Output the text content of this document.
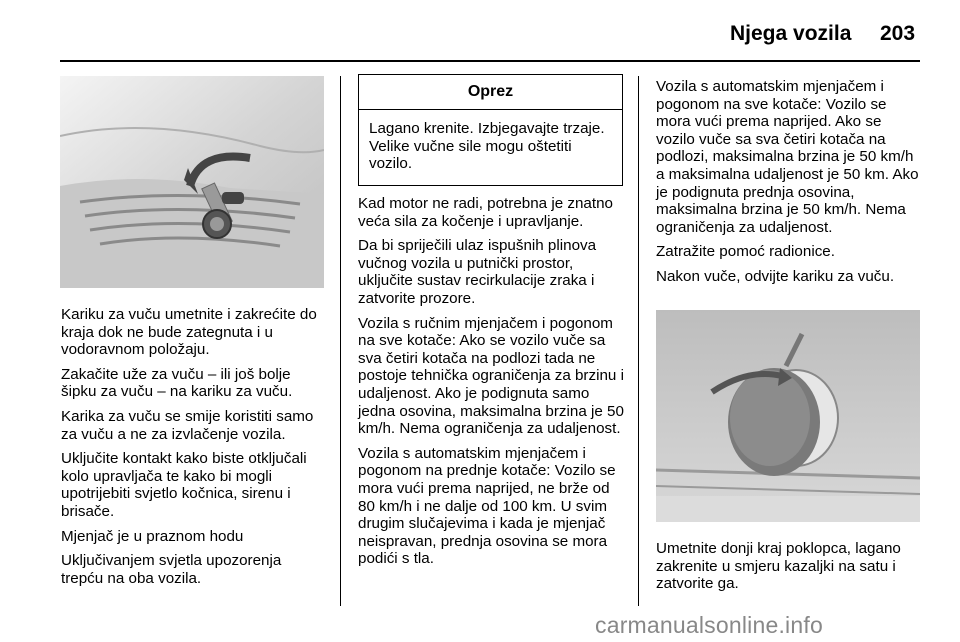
Njega vozila 203

Kariku za vuču umetnite i zakrećite do kraja dok ne bude zategnuta i u vodoravnom položaju.

Zakačite uže za vuču – ili još bolje šipku za vuču – na kariku za vuču.

Karika za vuču se smije koristiti samo za vuču a ne za izvlačenje vozila.

Uključite kontakt kako biste otključali kolo upravljača te kako bi mogli upotrijebiti svjetlo kočnica, sirenu i brisače.

Mjenjač je u praznom hodu

Uključivanjem svjetla upozorenja trepću na oba vozila.

Oprez
Lagano krenite. Izbjegavajte trzaje. Velike vučne sile mogu oštetiti vozilo.

Kad motor ne radi, potrebna je znatno veća sila za kočenje i upravljanje.

Da bi spriječili ulaz ispušnih plinova vučnog vozila u putnički prostor, uključite sustav recirkulacije zraka i zatvorite prozore.

Vozila s ručnim mjenjačem i pogonom na sve kotače: Ako se vozilo vuče sa sva četiri kotača na podlozi tada ne postoje tehnička ograničenja za brzinu i udaljenost. Ako je podignuta samo jedna osovina, maksimalna brzina je 50 km/h. Nema ograničenja za udaljenost.

Vozila s automatskim mjenjačem i pogonom na prednje kotače: Vozilo se mora vući prema naprijed, ne brže od 80 km/h i ne dalje od 100 km. U svim drugim slučajevima i kada je mjenjač neispravan, prednja osovina se mora podići s tla.

Vozila s automatskim mjenjačem i pogonom na sve kotače: Vozilo se mora vući prema naprijed. Ako se vozilo vuče sa sva četiri kotača na podlozi, maksimalna brzina je 50 km/h a maksimalna udaljenost je 50 km. Ako je podignuta prednja osovina, maksimalna brzina je 50 km/h. Nema ograničenja za udaljenost.

Zatražite pomoć radionice.

Nakon vuče, odvijte kariku za vuču.

Umetnite donji kraj poklopca, lagano zakrenite u smjeru kazaljki na satu i zatvorite ga.

carmanualsonline.info
